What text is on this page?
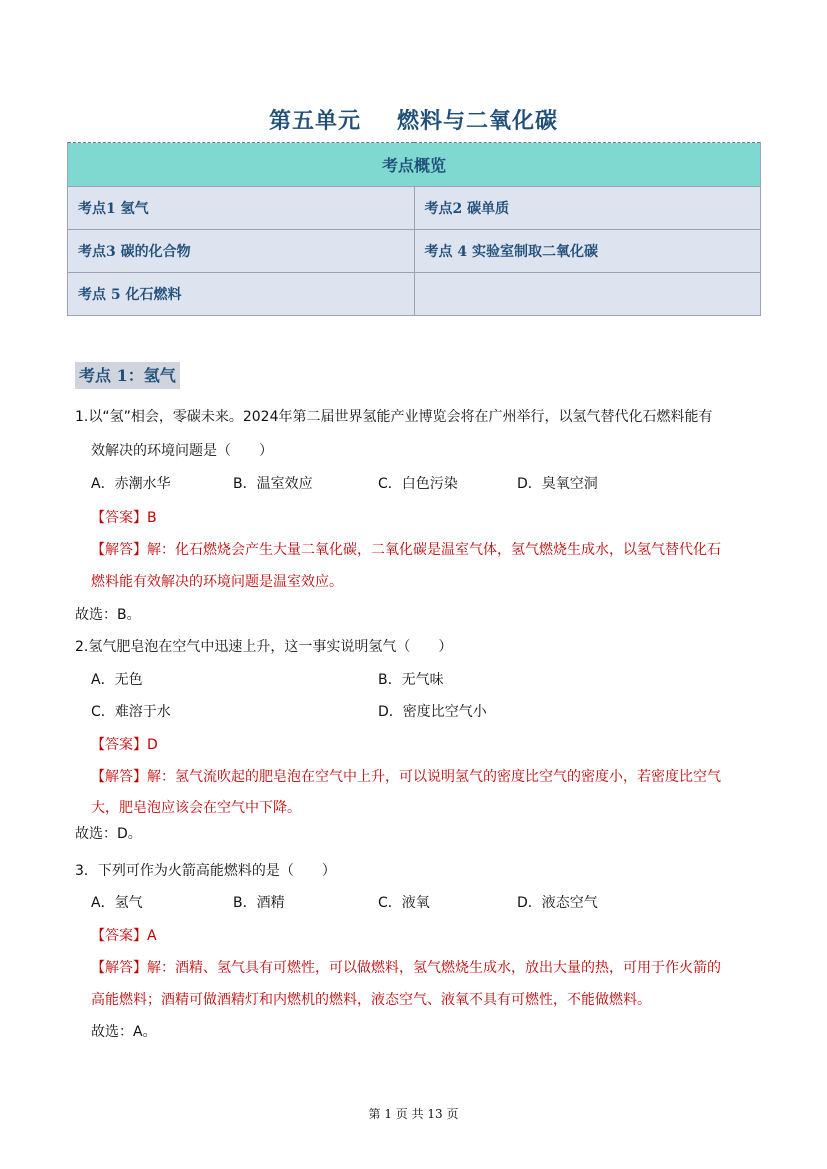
第五单元 燃料与二氧化碳
考点概览	
考点1 氢气	考点2 碳单质
考点3 碳的化合物	考点 4 实验室制取二氧化碳
考点 5 化石燃料	
考点 1：氢气
1.以“氢”相会，零碳未来。2024年第二届世界氢能产业博览会将在广州举行，以氢气替代化石燃料能有
效解决的环境问题是（　　）
A．赤潮水华	B．温室效应	C．白色污染	D．臭氧空洞
【答案】B
【解答】解：化石燃烧会产生大量二氧化碳，二氧化碳是温室气体，氢气燃烧生成水，以氢气替代化石
燃料能有效解决的环境问题是温室效应。
故选：B。
2.氢气肥皂泡在空气中迅速上升，这一事实说明氢气（　　）
A．无色	B．无气味
C．难溶于水	D．密度比空气小
【答案】D
【解答】解：氢气流吹起的肥皂泡在空气中上升，可以说明氢气的密度比空气的密度小，若密度比空气
大，肥皂泡应该会在空气中下降。
故选：D。
3．下列可作为火箭高能燃料的是（　　）
A．氢气	B．酒精	C．液氧	D．液态空气
【答案】A
【解答】解：酒精、氢气具有可燃性，可以做燃料，氢气燃烧生成水，放出大量的热，可用于作火箭的
高能燃料；酒精可做酒精灯和内燃机的燃料，液态空气、液氧不具有可燃性，不能做燃料。
故选：A。
第 1 页 共 13 页
